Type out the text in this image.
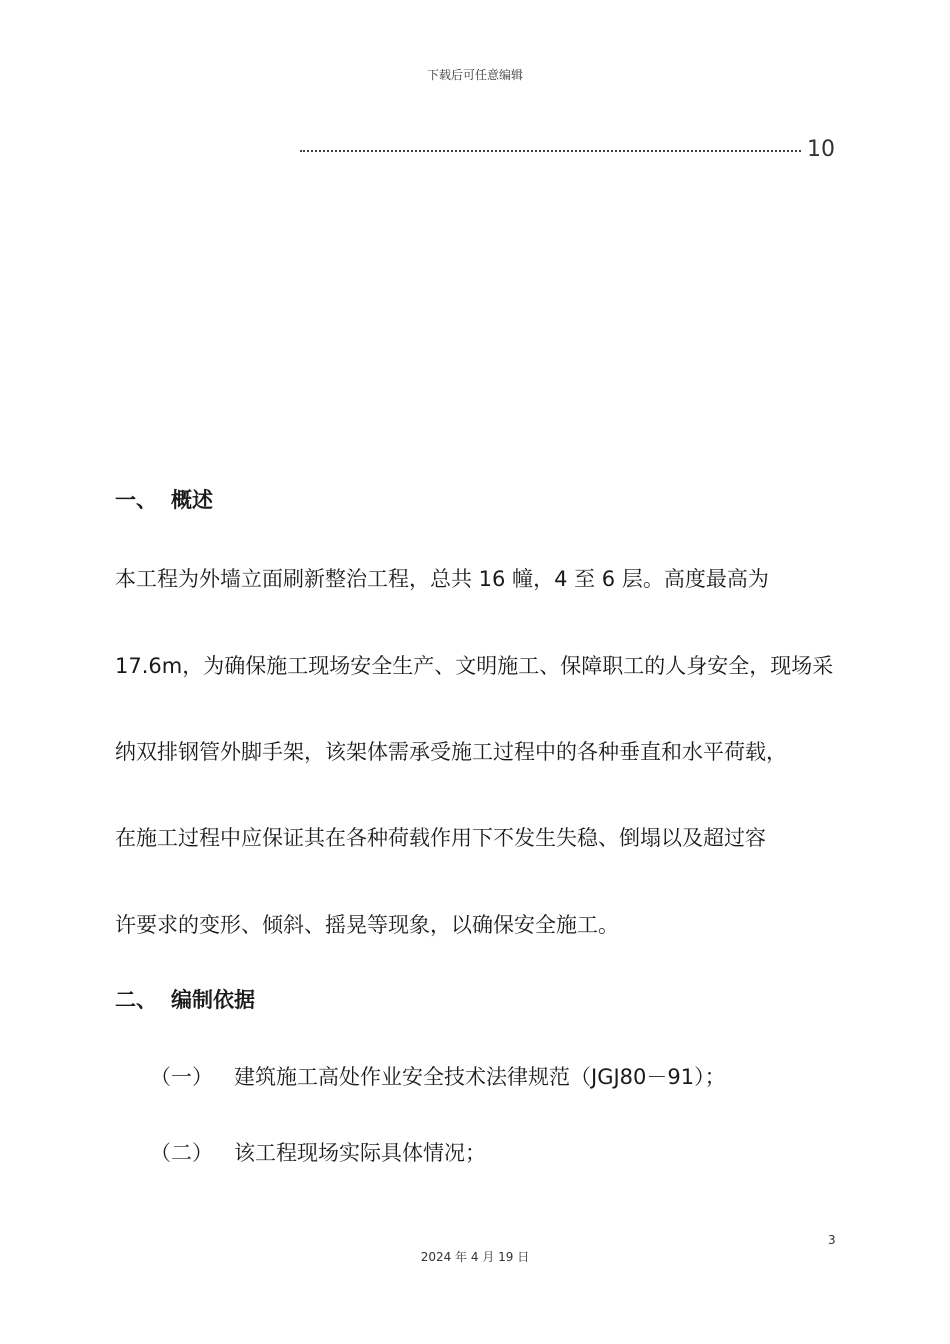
下载后可任意编辑
10
一、 概述
本工程为外墙立面刷新整治工程，总共 16 幢，4 至 6 层。高度最高为
17.6m，为确保施工现场安全生产、文明施工、保障职工的人身安全，现场采
纳双排钢管外脚手架，该架体需承受施工过程中的各种垂直和水平荷载，
在施工过程中应保证其在各种荷载作用下不发生失稳、倒塌以及超过容
许要求的变形、倾斜、摇晃等现象，以确保安全施工。
二、 编制依据
（一）	建筑施工高处作业安全技术法律规范（JGJ80－91）；
（二）	该工程现场实际具体情况；
3
2024 年 4 月 19 日
